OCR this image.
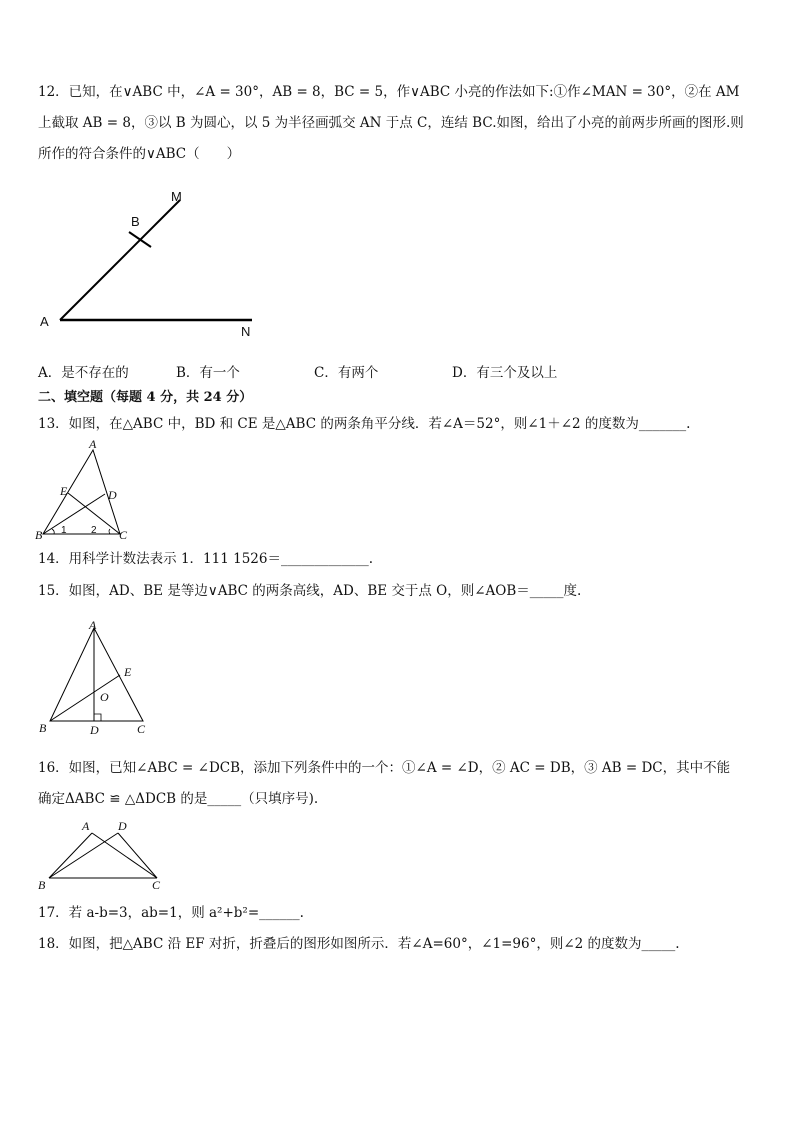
12．已知，在∨ABC 中，∠A = 30°，AB = 8，BC = 5，作∨ABC 小亮的作法如下:①作∠MAN = 30°，②在 AM
上截取 AB = 8，③以 B 为圆心，以 5 为半径画弧交 AN 于点 C，连结 BC.如图，给出了小亮的前两步所画的图形.则
所作的符合条件的∨ABC（　　）
M
B
A
N
A．是不存在的	B．有一个	C．有两个	D．有三个及以上
二、填空题（每题 4 分，共 24 分）
13．如图，在△ABC 中，BD 和 CE 是△ABC 的两条角平分线．若∠A＝52°，则∠1＋∠2 的度数为_______.
A
E	D
B	C
1 2
14．用科学计数法表示 1．111 1526＝_____________.
15．如图，AD、BE 是等边∨ABC 的两条高线，AD、BE 交于点 O，则∠AOB＝_____度.
A
E
O
B	D	C
16．如图，已知∠ABC = ∠DCB，添加下列条件中的一个：①∠A = ∠D，② AC = DB，③ AB = DC，其中不能
确定ΔABC ≌ △ΔDCB 的是_____（只填序号).
A D
B	C
17．若 a-b=3，ab=1，则 a²+b²=______.
18．如图，把△ABC 沿 EF 对折，折叠后的图形如图所示．若∠A=60°，∠1=96°，则∠2 的度数为_____.
